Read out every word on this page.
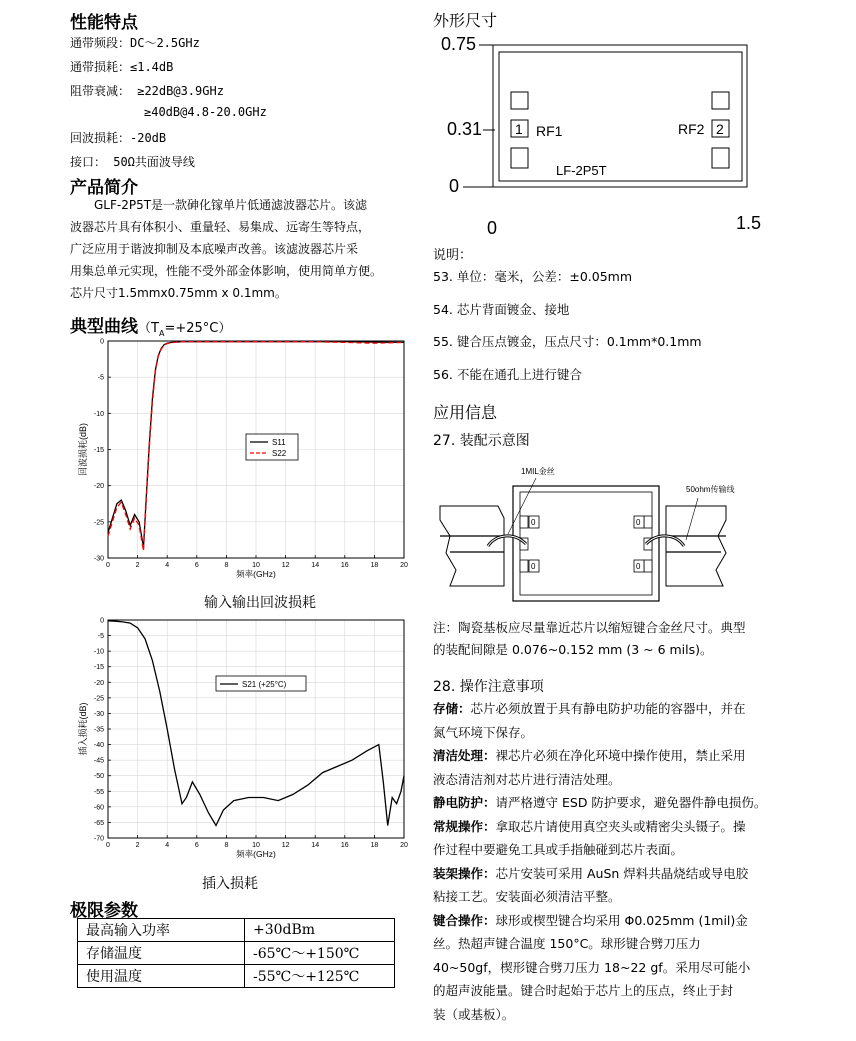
性能特点
通带频段：DC～2.5GHz
通带损耗：≤1.4dB
阻带衰减： ≥22dB@3.9GHz
≥40dB@4.8-20.0GHz
回波损耗：-20dB
接口： 50Ω共面波导线
产品简介
GLF-2P5T是一款砷化镓单片低通滤波器芯片。该滤
波器芯片具有体积小、重量轻、易集成、远寄生等特点，
广泛应用于谐波抑制及本底噪声改善。该滤波器芯片采
用集总单元实现，性能不受外部金体影响，使用简单方便。
芯片尺寸1.5mmx0.75mm x 0.1mm。
典型曲线$(T_A=+25^\circ C)$
0	2	4	6	8	10	12	14	16	18	20
0
-5
-10
-15
-20
-25
-30
频率(GHz)
回波损耗(dB)	S11
S22
输入输出回波损耗
0	2	4	6	8	10	12	14	16	18	20
0
-5
-10
-15
-20
-25
-30
-35
-40
-45
-50
-55
-60
-65
-70
频率(GHz)
插入损耗(dB)
S21 (+25°C)
插入损耗
极限参数
最高输入功率	+30dBm
存储温度	-65℃～+150℃
使用温度	-55℃～+125℃
外形尺寸
0.75
0.31
0
0	1.5
1 RF1	2
RF2
LF-2P5T
说明：
53. 单位：毫米，公差：±0.05mm
54. 芯片背面镀金、接地
55. 键合压点镀金，压点尺寸：0.1mm*0.1mm
56. 不能在通孔上进行键合
应用信息
27. 装配示意图
0
0
0
0
1MIL金丝
50ohm传输线
注：陶瓷基板应尽量靠近芯片以缩短键合金丝尺寸。典型
的装配间隙是 0.076~0.152 mm (3 ~ 6 mils)。
28. 操作注意事项
存储：芯片必须放置于具有静电防护功能的容器中，并在
氮气环境下保存。
清洁处理：裸芯片必须在净化环境中操作使用，禁止采用
液态清洁剂对芯片进行清洁处理。
静电防护：请严格遵守 ESD 防护要求，避免器件静电损伤。
常规操作：拿取芯片请使用真空夹头或精密尖头镊子。操
作过程中要避免工具或手指触碰到芯片表面。
装架操作：芯片安装可采用 AuSn 焊料共晶烧结或导电胶
粘接工艺。安装面必须清洁平整。
键合操作：球形或楔型键合均采用 Φ0.025mm (1mil)金
丝。热超声键合温度 150°C。球形键合劈刀压力
40~50gf，楔形键合劈刀压力 18~22 gf。采用尽可能小
的超声波能量。键合时起始于芯片上的压点，终止于封
装（或基板）。
